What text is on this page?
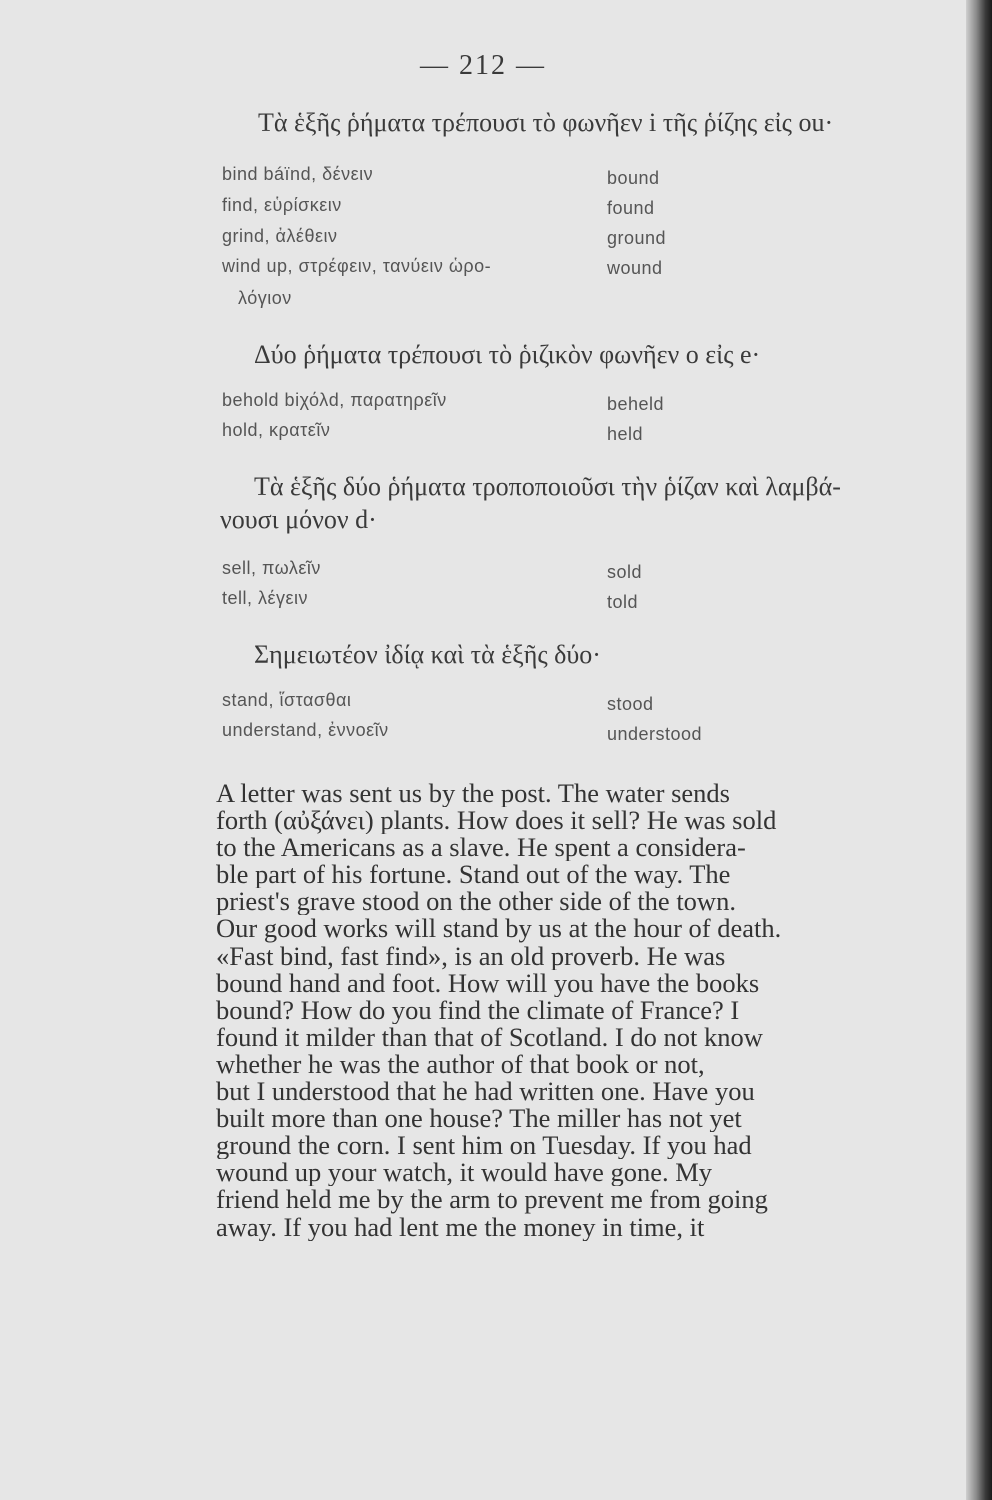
— 212 —
Τὰ ἑξῆς ῥήματα τρέπουσι τὸ φωνῆεν i τῆς ῥίζης εἰς ou·
bind báïnd, δένειν	bound
find, εὑρίσκειν	found
grind, ἀλέθειν	ground
wind up, στρέφειν, τανύειν ὡρο-	wound
λόγιον
Δύο ῥήματα τρέπουσι τὸ ῥιζικὸν φωνῆεν o εἰς e·
behold biχόλd, παρατηρεῖν	beheld
hold, κρατεῖν	held
Τὰ ἑξῆς δύο ῥήματα τροποποιοῦσι τὴν ῥίζαν καὶ λαμβά-
νουσι μόνον d·
sell, πωλεῖν	sold
tell, λέγειν	told
Σημειωτέον ἰδίᾳ καὶ τὰ ἑξῆς δύο·
stand, ἵστασθαι	stood
understand, ἐννοεῖν	understood
A letter was sent us by the post. The water sends
forth (αὐξάνει) plants. How does it sell? He was sold
to the Americans as a slave. He spent a considera-
ble part of his fortune. Stand out of the way. The
priest's grave stood on the other side of the town.
Our good works will stand by us at the hour of death.
«Fast bind, fast find», is an old proverb. He was
bound hand and foot. How will you have the books
bound? How do you find the climate of France? I
found it milder than that of Scotland. I do not know
whether he was the author of that book or not,
but I understood that he had written one. Have you
built more than one house? The miller has not yet
ground the corn. I sent him on Tuesday. If you had
wound up your watch, it would have gone. My
friend held me by the arm to prevent me from going
away. If you had lent me the money in time, it
